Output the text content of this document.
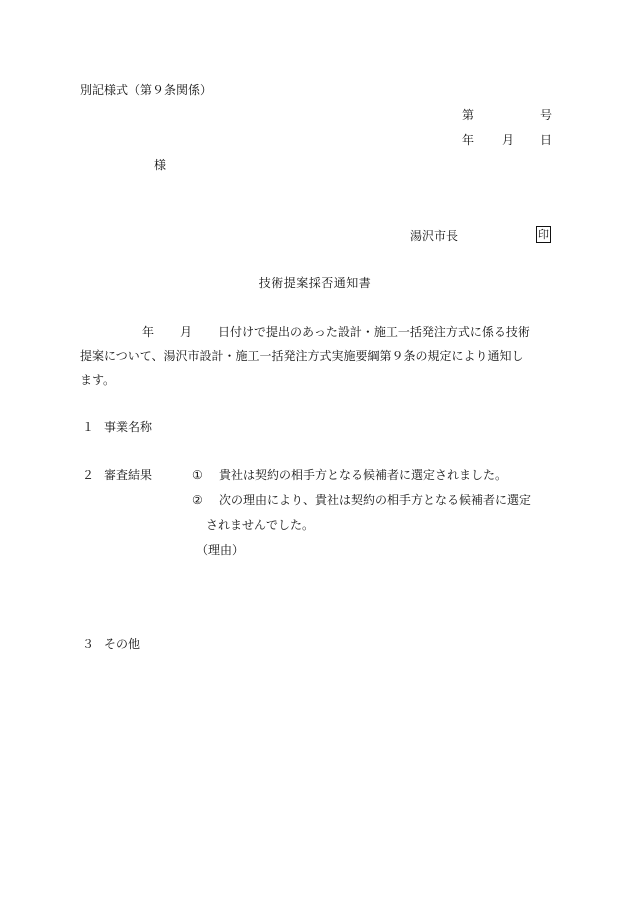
別記様式（第９条関係）
第	号
年 月 日
様
湯沢市長	印
技術提案採否通知書
年 月 日付けで提出のあった設計・施工一括発注方式に係る技術
提案について、湯沢市設計・施工一括発注方式実施要綱第９条の規定により通知し
ます。
１ 事業名称
２ 審査結果	① 貴社は契約の相手方となる候補者に選定されました。
② 次の理由により、貴社は契約の相手方となる候補者に選定
されませんでした。
（理由）
３ その他
